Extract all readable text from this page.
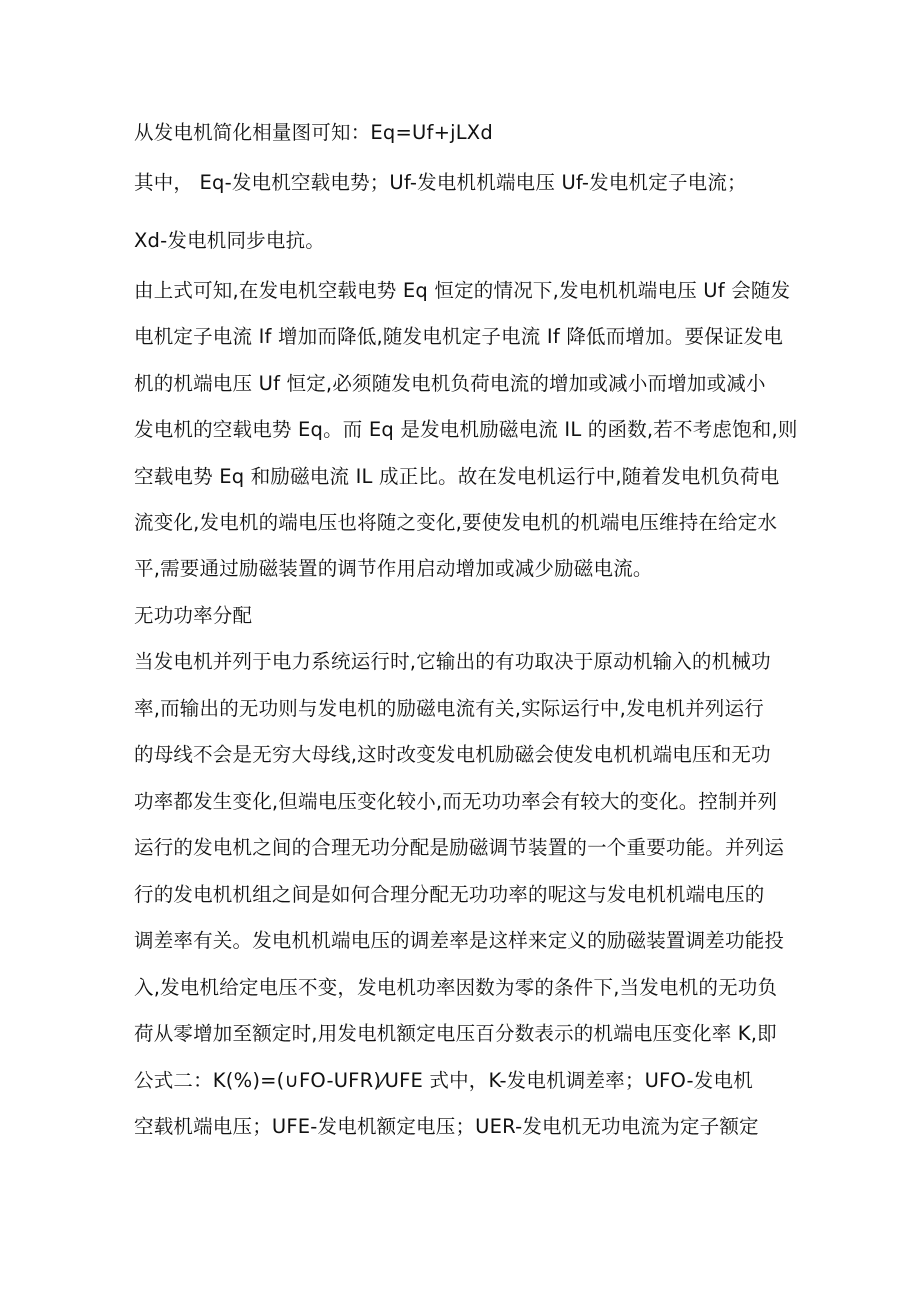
从发电机简化相量图可知：Eq=Uf+jLXd
其中， Eq-发电机空载电势；Uf-发电机机端电压 Uf-发电机定子电流；
Xd-发电机同步电抗。
由上式可知,在发电机空载电势 Eq 恒定的情况下,发电机机端电压 Uf 会随发
电机定子电流 If 增加而降低,随发电机定子电流 If 降低而增加。要保证发电
机的机端电压 Uf 恒定,必须随发电机负荷电流的增加或减小而增加或减小
发电机的空载电势 Eq。而 Eq 是发电机励磁电流 IL 的函数,若不考虑饱和,则
空载电势 Eq 和励磁电流 IL 成正比。故在发电机运行中,随着发电机负荷电
流变化,发电机的端电压也将随之变化,要使发电机的机端电压维持在给定水
平,需要通过励磁装置的调节作用启动增加或减少励磁电流。
无功功率分配
当发电机并列于电力系统运行时,它输出的有功取决于原动机输入的机械功
率,而输出的无功则与发电机的励磁电流有关,实际运行中,发电机并列运行
的母线不会是无穷大母线,这时改变发电机励磁会使发电机机端电压和无功
功率都发生变化,但端电压变化较小,而无功功率会有较大的变化。控制并列
运行的发电机之间的合理无功分配是励磁调节装置的一个重要功能。并列运
行的发电机机组之间是如何合理分配无功功率的呢这与发电机机端电压的
调差率有关。发电机机端电压的调差率是这样来定义的励磁装置调差功能投
入,发电机给定电压不变，发电机功率因数为零的条件下,当发电机的无功负
荷从零增加至额定时,用发电机额定电压百分数表示的机端电压变化率 K,即
公式二：K(%)=(∪FO-UFR)⁄UFE 式中，K-发电机调差率；UFO-发电机
空载机端电压；UFE-发电机额定电压；UER-发电机无功电流为定子额定
